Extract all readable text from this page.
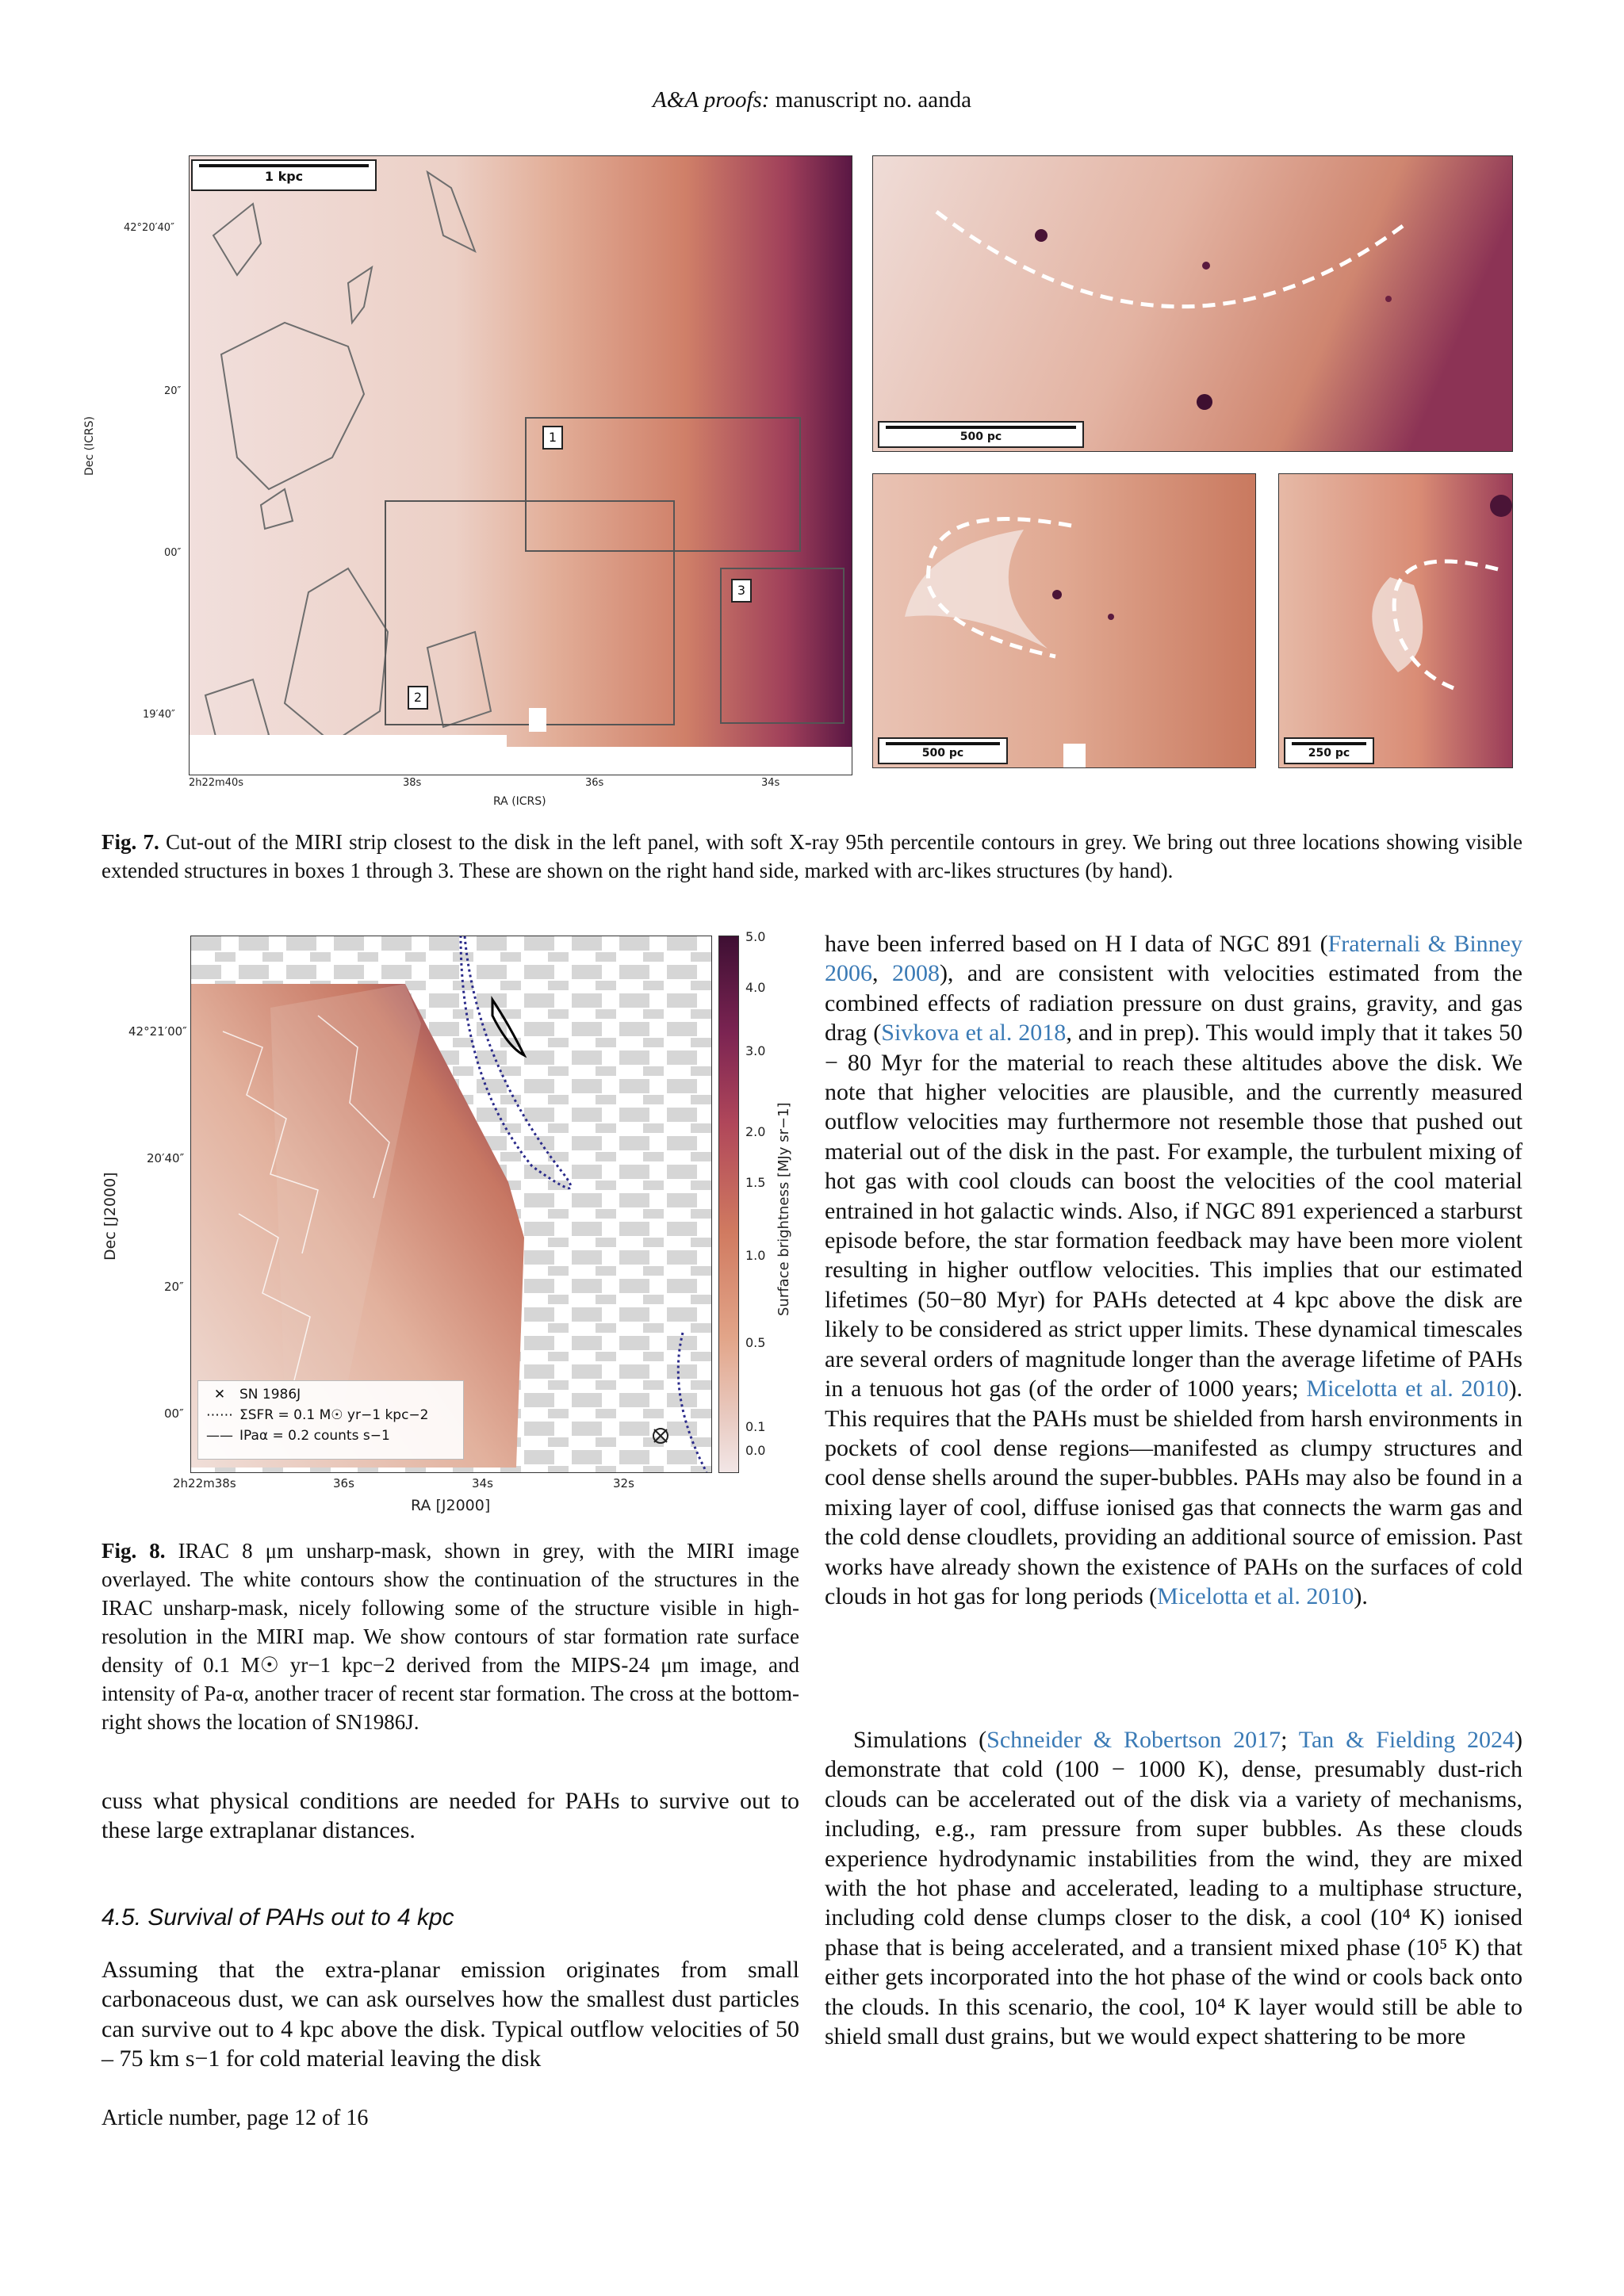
A&A proofs: manuscript no. aanda
1 kpc
1
2
3
42°20′40″
20″
00″
19′40″
Dec (ICRS)
2h22m40s	38s	36s	34s
RA (ICRS)
500 pc
500 pc	250 pc
Fig. 7. Cut-out of the MIRI strip closest to the disk in the left panel, with soft X-ray 95th percentile contours in grey. We bring out three locations showing visible extended structures in boxes 1 through 3. These are shown on the right hand side, marked with arc-likes structures (by hand).
✕	SN 1986J
⋯⋯ ΣSFR = 0.1 M☉ yr−1 kpc−2
—— IPaα = 0.2 counts s−1
42°21′00″
20′40″
20″
00″
Dec [J2000]
2h22m38s	36s	34s	32s
RA [J2000]
5.0
4.0
3.0
2.0
1.5
1.0
0.5
0.1
0.0
Surface brightness [MJy sr−1]
Fig. 8. IRAC 8 μm unsharp-mask, shown in grey, with the MIRI image overlayed. The white contours show the continuation of the structures in the IRAC unsharp-mask, nicely following some of the structure visible in high-resolution in the MIRI map. We show contours of star formation rate surface density of 0.1 M☉ yr−1 kpc−2 derived from the MIPS-24 μm image, and intensity of Pa-α, another tracer of recent star formation. The cross at the bottom-right shows the location of SN1986J.
cuss what physical conditions are needed for PAHs to survive out to these large extraplanar distances.
4.5. Survival of PAHs out to 4 kpc
Assuming that the extra-planar emission originates from small carbonaceous dust, we can ask ourselves how the smallest dust particles can survive out to 4 kpc above the disk. Typical outflow velocities of 50 – 75 km s−1 for cold material leaving the disk
have been inferred based on H I data of NGC 891 (Fraternali & Binney 2006, 2008), and are consistent with velocities estimated from the combined effects of radiation pressure on dust grains, gravity, and gas drag (Sivkova et al. 2018, and in prep). This would imply that it takes 50 − 80 Myr for the material to reach these altitudes above the disk. We note that higher velocities are plausible, and the currently measured outflow velocities may furthermore not resemble those that pushed out material out of the disk in the past. For example, the turbulent mixing of hot gas with cool clouds can boost the velocities of the cool material entrained in hot galactic winds. Also, if NGC 891 experienced a starburst episode before, the star formation feedback may have been more violent resulting in higher outflow velocities. This implies that our estimated lifetimes (50−80 Myr) for PAHs detected at 4 kpc above the disk are likely to be considered as strict upper limits. These dynamical timescales are several orders of magnitude longer than the average lifetime of PAHs in a tenuous hot gas (of the order of 1000 years; Micelotta et al. 2010). This requires that the PAHs must be shielded from harsh environments in pockets of cool dense regions—manifested as clumpy structures and cool dense shells around the super-bubbles. PAHs may also be found in a mixing layer of cool, diffuse ionised gas that connects the warm gas and the cold dense cloudlets, providing an additional source of emission. Past works have already shown the existence of PAHs on the surfaces of cold clouds in hot gas for long periods (Micelotta et al. 2010).
Simulations (Schneider & Robertson 2017; Tan & Fielding 2024) demonstrate that cold (100 − 1000 K), dense, presumably dust-rich clouds can be accelerated out of the disk via a variety of mechanisms, including, e.g., ram pressure from super bubbles. As these clouds experience hydrodynamic instabilities from the wind, they are mixed with the hot phase and accelerated, leading to a multiphase structure, including cold dense clumps closer to the disk, a cool (10⁴ K) ionised phase that is being accelerated, and a transient mixed phase (10⁵ K) that either gets incorporated into the hot phase of the wind or cools back onto the clouds. In this scenario, the cool, 10⁴ K layer would still be able to shield small dust grains, but we would expect shattering to be more
Article number, page 12 of 16
